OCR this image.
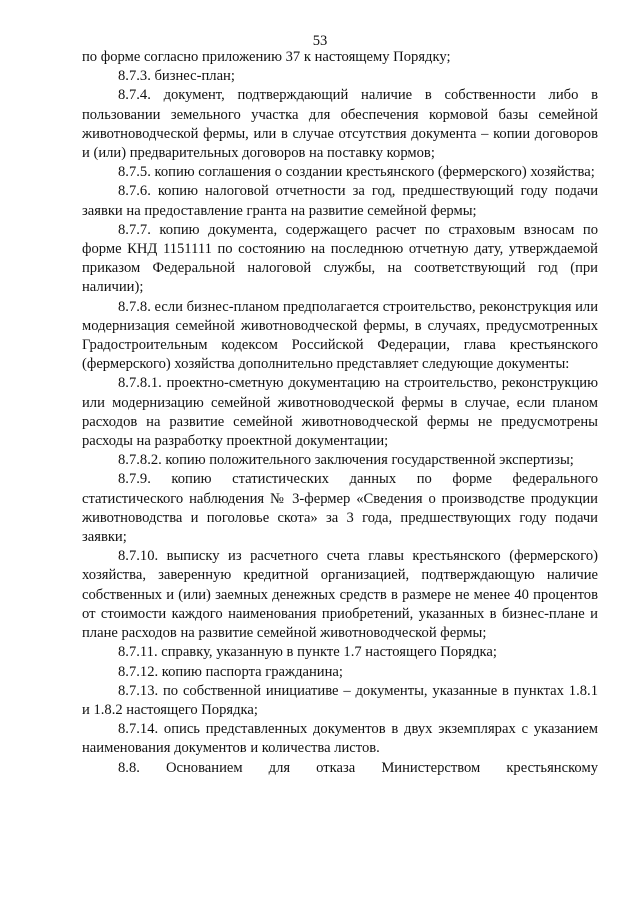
53

по форме согласно приложению 37 к настоящему Порядку;

8.7.3. бизнес-план;

8.7.4. документ, подтверждающий наличие в собственности либо в пользовании земельного участка для обеспечения кормовой базы семейной животноводческой фермы, или в случае отсутствия документа – копии договоров и (или) предварительных договоров на поставку кормов;

8.7.5. копию соглашения о создании крестьянского (фермерского) хозяйства;

8.7.6. копию налоговой отчетности за год, предшествующий году подачи заявки на предоставление гранта на развитие семейной фермы;

8.7.7. копию документа, содержащего расчет по страховым взносам по форме КНД 1151111 по состоянию на последнюю отчетную дату, утверждаемой приказом Федеральной налоговой службы, на соответствующий год (при наличии);

8.7.8. если бизнес-планом предполагается строительство, реконструкция или модернизация семейной животноводческой фермы, в случаях, предусмотренных Градостроительным кодексом Российской Федерации, глава крестьянского (фермерского) хозяйства дополнительно представляет следующие документы:

8.7.8.1. проектно-сметную документацию на строительство, реконструкцию или модернизацию семейной животноводческой фермы в случае, если планом расходов на развитие семейной животноводческой фермы не предусмотрены расходы на разработку проектной документации;

8.7.8.2. копию положительного заключения государственной экспертизы;

8.7.9. копию статистических данных по форме федерального статистического наблюдения № 3-фермер «Сведения о производстве продукции животноводства и поголовье скота» за 3 года, предшествующих году подачи заявки;

8.7.10. выписку из расчетного счета главы крестьянского (фермерского) хозяйства, заверенную кредитной организацией, подтверждающую наличие собственных и (или) заемных денежных средств в размере не менее 40 процентов от стоимости каждого наименования приобретений, указанных в бизнес-плане и плане расходов на развитие семейной животноводческой фермы;

8.7.11. справку, указанную в пункте 1.7 настоящего Порядка;

8.7.12. копию паспорта гражданина;

8.7.13. по собственной инициативе – документы, указанные в пунктах 1.8.1 и 1.8.2 настоящего Порядка;

8.7.14. опись представленных документов в двух экземплярах с указанием наименования документов и количества листов.

8.8. Основанием для отказа Министерством крестьянскому
